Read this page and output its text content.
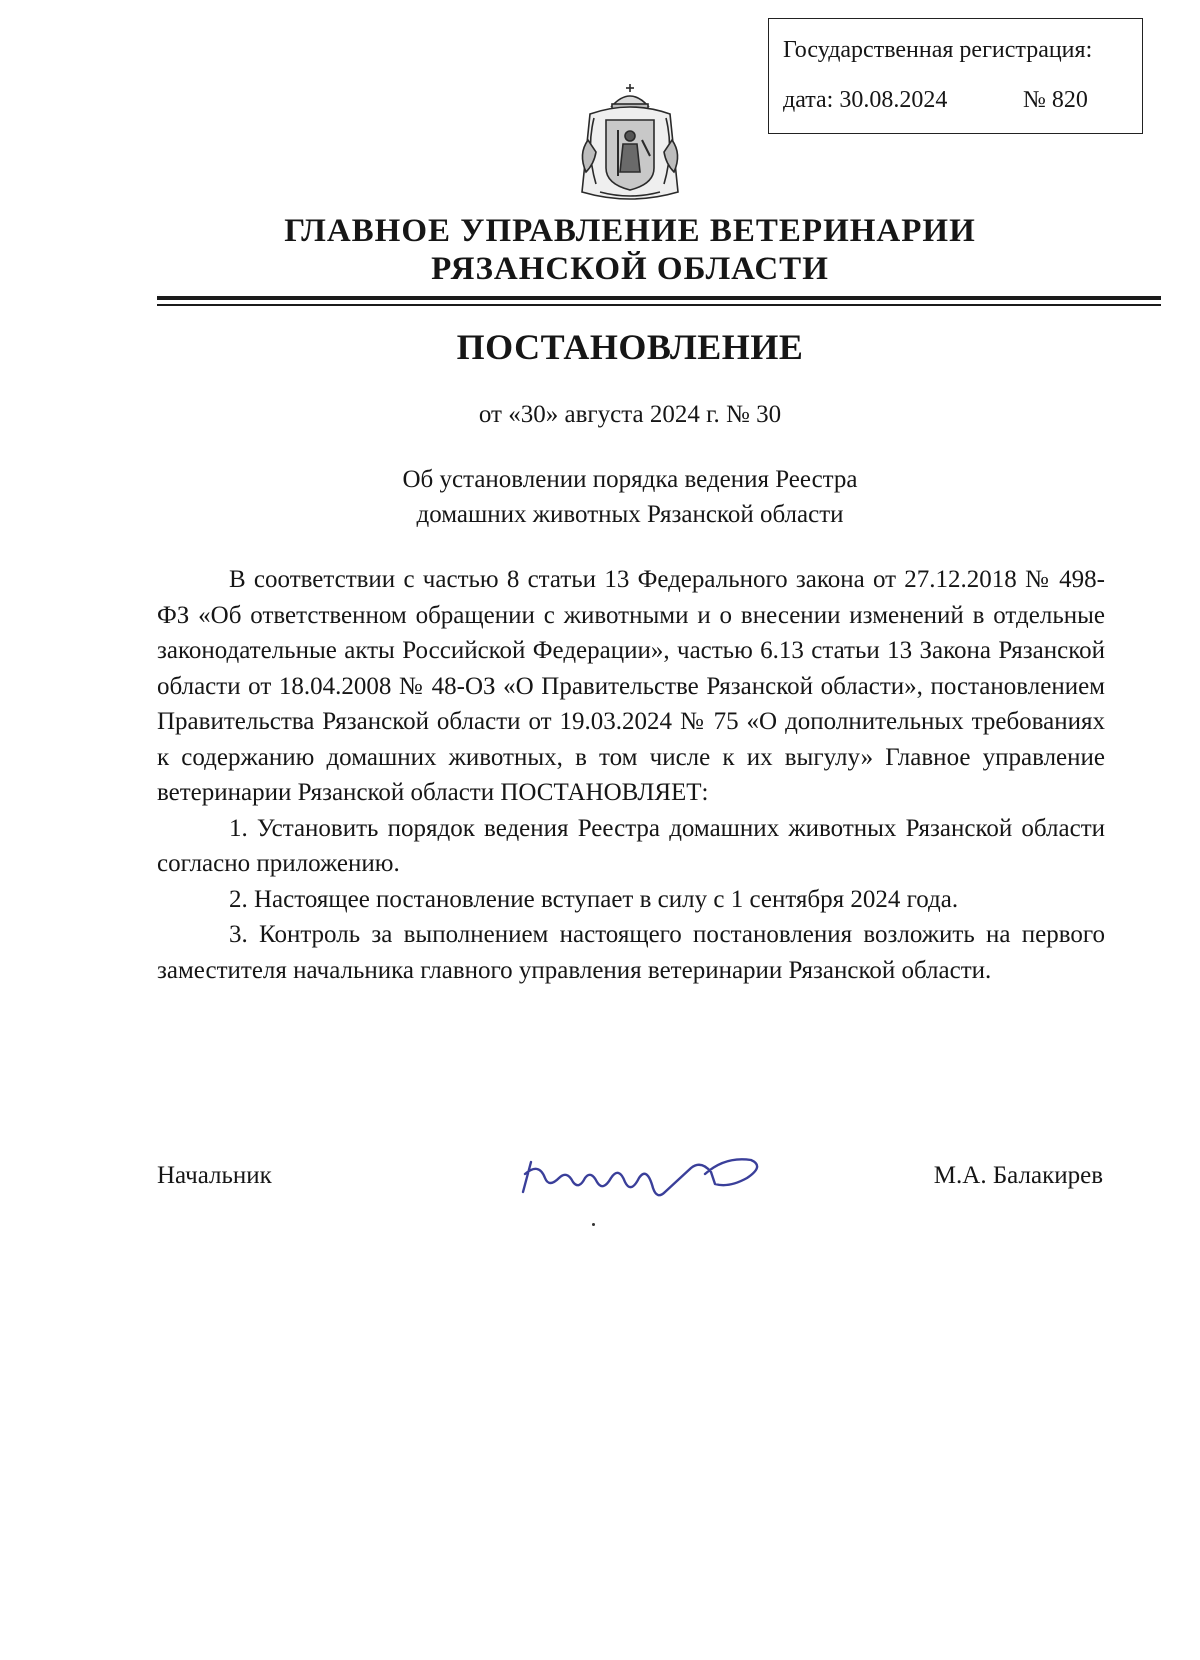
Государственная регистрация:
дата: 30.08.2024	№ 820
ГЛАВНОЕ УПРАВЛЕНИЕ ВЕТЕРИНАРИИ
РЯЗАНСКОЙ ОБЛАСТИ
ПОСТАНОВЛЕНИЕ
от «30» августа 2024 г. № 30
Об установлении порядка ведения Реестра
домашних животных Рязанской области

В соответствии с частью 8 статьи 13 Федерального закона от 27.12.2018 № 498-ФЗ «Об ответственном обращении с животными и о внесении изменений в отдельные законодательные акты Российской Федерации», частью 6.13 статьи 13 Закона Рязанской области от 18.04.2008 № 48-ОЗ «О Правительстве Рязанской области», постановлением Правительства Рязанской области от 19.03.2024 № 75 «О дополнительных требованиях к содержанию домашних животных, в том числе к их выгулу» Главное управление ветеринарии Рязанской области ПОСТАНОВЛЯЕТ:

1. Установить порядок ведения Реестра домашних животных Рязанской области согласно приложению.

2. Настоящее постановление вступает в силу с 1 сентября 2024 года.

3. Контроль за выполнением настоящего постановления возложить на первого заместителя начальника главного управления ветеринарии Рязанской области.

Начальник	М.А. Балакирев
